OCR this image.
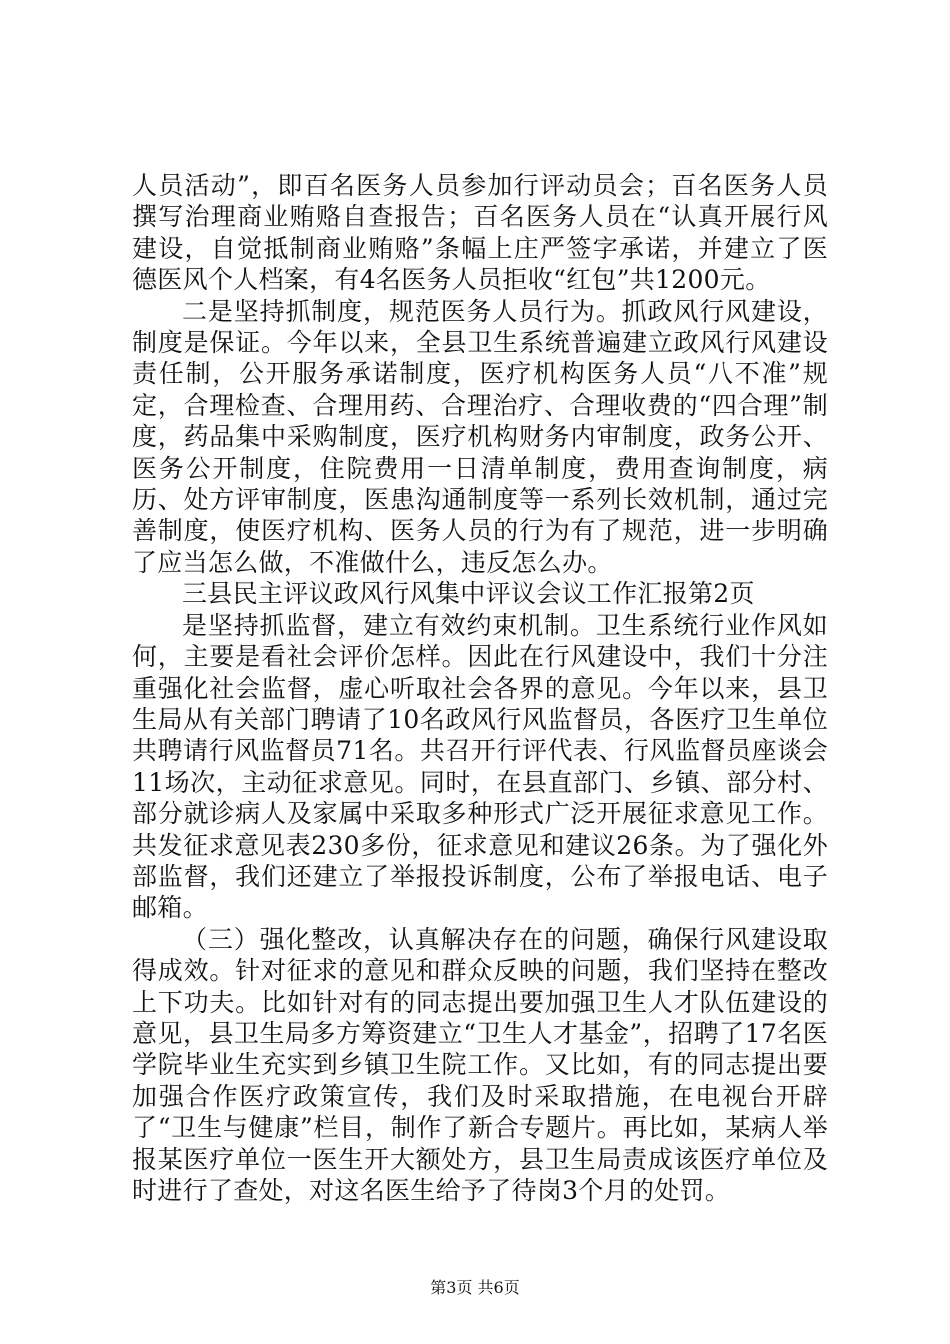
人员活动”，即百名医务人员参加行评动员会；百名医务人员撰写治理商业贿赂自查报告；百名医务人员在“认真开展行风建设，自觉抵制商业贿赂”条幅上庄严签字承诺，并建立了医德医风个人档案，有4名医务人员拒收“红包”共1200元。

二是坚持抓制度，规范医务人员行为。抓政风行风建设，制度是保证。今年以来，全县卫生系统普遍建立政风行风建设责任制，公开服务承诺制度，医疗机构医务人员“八不准”规定，合理检查、合理用药、合理治疗、合理收费的“四合理”制度，药品集中采购制度，医疗机构财务内审制度，政务公开、医务公开制度，住院费用一日清单制度，费用查询制度，病历、处方评审制度，医患沟通制度等一系列长效机制，通过完善制度，使医疗机构、医务人员的行为有了规范，进一步明确了应当怎么做，不准做什么，违反怎么办。

三县民主评议政风行风集中评议会议工作汇报第2页

是坚持抓监督，建立有效约束机制。卫生系统行业作风如何，主要是看社会评价怎样。因此在行风建设中，我们十分注重强化社会监督，虚心听取社会各界的意见。今年以来，县卫生局从有关部门聘请了10名政风行风监督员，各医疗卫生单位共聘请行风监督员71名。共召开行评代表、行风监督员座谈会11场次，主动征求意见。同时，在县直部门、乡镇、部分村、部分就诊病人及家属中采取多种形式广泛开展征求意见工作。共发征求意见表230多份，征求意见和建议26条。为了强化外部监督，我们还建立了举报投诉制度，公布了举报电话、电子邮箱。

（三）强化整改，认真解决存在的问题，确保行风建设取得成效。针对征求的意见和群众反映的问题，我们坚持在整改上下功夫。比如针对有的同志提出要加强卫生人才队伍建设的意见，县卫生局多方筹资建立“卫生人才基金”，招聘了17名医学院毕业生充实到乡镇卫生院工作。又比如，有的同志提出要加强合作医疗政策宣传，我们及时采取措施，在电视台开辟了“卫生与健康”栏目，制作了新合专题片。再比如，某病人举报某医疗单位一医生开大额处方，县卫生局责成该医疗单位及时进行了查处，对这名医生给予了待岗3个月的处罚。

第3页 共6页
